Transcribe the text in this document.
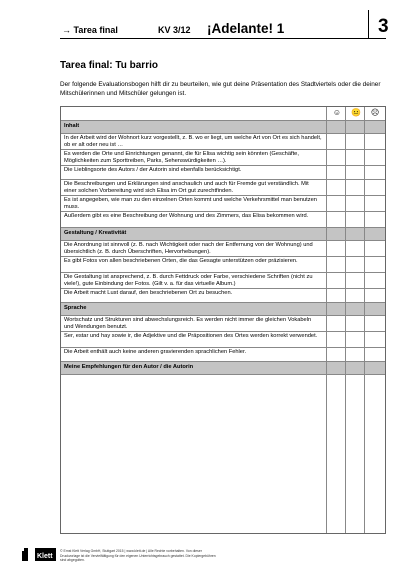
→ Tarea final	KV 3/12 ¡Adelante! 1	3
Tarea final: Tu barrio
Der folgende Evaluationsbogen hilft dir zu beurteilen, wie gut deine Präsentation des Stadtviertels oder die deiner Mitschülerinnen und Mitschüler gelungen ist.
☺	😐	☹
Inhalt
In der Arbeit wird der Wohnort kurz vorgestellt, z. B. wo er liegt, um welche Art von Ort es sich handelt, ob er alt oder neu ist …
Es werden die Orte und Einrichtungen genannt, die für Elisa wichtig sein könnten (Geschäfte, Möglichkeiten zum Sporttreiben, Parks, Sehenswürdigkeiten …).
Die Lieblingsorte des Autors / der Autorin sind ebenfalls berücksichtigt.
Die Beschreibungen und Erklärungen sind anschaulich und auch für Fremde gut verständlich. Mit einer solchen Vorbereitung wird sich Elisa im Ort gut zurechtfinden.
Es ist angegeben, wie man zu den einzelnen Orten kommt und welche Verkehrsmittel man benutzen muss.
Außerdem gibt es eine Beschreibung der Wohnung und des Zimmers, das Elisa bekommen wird.
Gestaltung / Kreativität
Die Anordnung ist sinnvoll (z. B. nach Wichtigkeit oder nach der Entfernung von der Wohnung) und übersichtlich (z. B. durch Überschriften, Hervorhebungen).
Es gibt Fotos von allen beschriebenen Orten, die das Gesagte unterstützen oder präzisieren.
Die Gestaltung ist ansprechend, z. B. durch Fettdruck oder Farbe, verschiedene Schriften (nicht zu viele!), gute Einbindung der Fotos. (Gilt v. a. für das virtuelle Album.)
Die Arbeit macht Lust darauf, den beschriebenen Ort zu besuchen.
Sprache
Wortschatz und Strukturen sind abwechslungsreich. Es werden nicht immer die gleichen Vokabeln und Wendungen benutzt.
Ser, estar und hay sowie ir, die Adjektive und die Präpositionen des Ortes werden korrekt verwendet.
Die Arbeit enthält auch keine anderen gravierenden sprachlichen Fehler.
Meine Empfehlungen für den Autor / die Autorin
Klett
© Ernst Klett Verlag GmbH, Stuttgart 2015 | www.klett.de | Alle Rechte vorbehalten. Von dieser Druckvorlage ist die Vervielfältigung für den eigenen Unterrichtsgebrauch gestattet. Die Kopiergebühren sind abgegolten.
